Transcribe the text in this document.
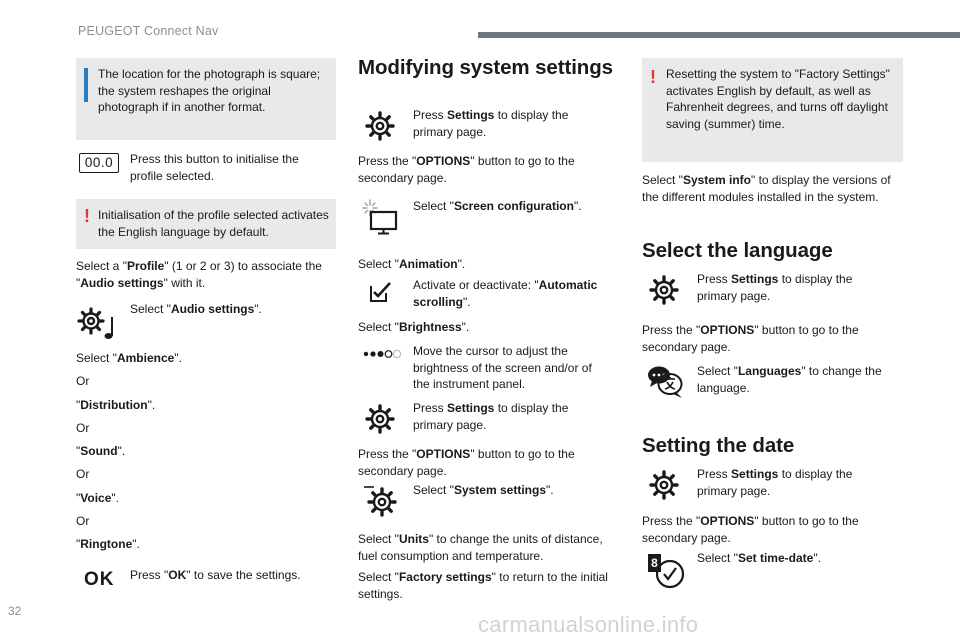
PEUGEOT Connect Nav

The location for the photograph is square; the system reshapes the original photograph if in another format.

00.0	Press this button to initialise the profile selected.

! Initialisation of the profile selected activates the English language by default.

Select a "Profile" (1 or 2 or 3) to associate the "Audio settings" with it.

Select "Audio settings".

Select "Ambience".

Or

"Distribution".

Or

"Sound".

Or

"Voice".

Or

"Ringtone".

OK Press "OK" to save the settings.

Modifying system settings

Press Settings to display the primary page.

Press the "OPTIONS" button to go to the secondary page.

Select "Screen configuration".

Select "Animation".

Activate or deactivate: "Automatic scrolling".

Select "Brightness".

Move the cursor to adjust the brightness of the screen and/or of the instrument panel.

Press Settings to display the primary page.

Press the "OPTIONS" button to go to the secondary page.

Select "System settings".

Select "Units" to change the units of distance, fuel consumption and temperature.

Select "Factory settings" to return to the initial settings.

! Resetting the system to "Factory Settings" activates English by default, as well as Fahrenheit degrees, and turns off daylight saving (summer) time.

Select "System info" to display the versions of the different modules installed in the system.

Select the language

Press Settings to display the primary page.

Press the "OPTIONS" button to go to the secondary page.

Select "Languages" to change the language.

Setting the date

Press Settings to display the primary page.

Press the "OPTIONS" button to go to the secondary page.

8	Select "Set time-date".

32
carmanualsonline.info
